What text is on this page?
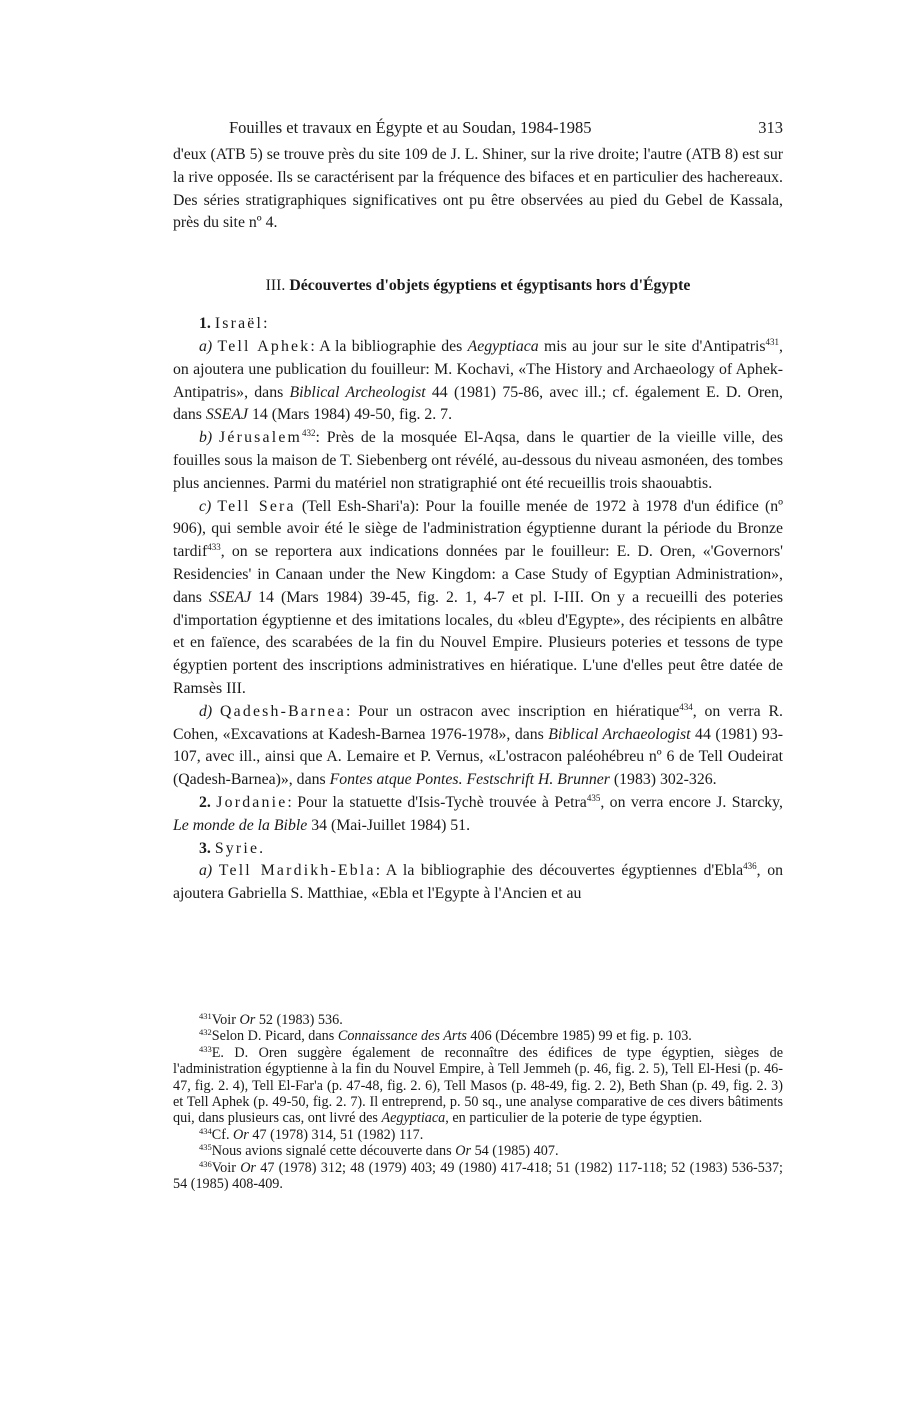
Fouilles et travaux en Égypte et au Soudan, 1984-1985	313

d'eux (ATB 5) se trouve près du site 109 de J. L. Shiner, sur la rive droite; l'autre (ATB 8) est sur la rive opposée. Ils se caractérisent par la fréquence des bifaces et en particulier des hachereaux. Des séries stratigraphiques significatives ont pu être observées au pied du Gebel de Kassala, près du site nº 4.

III. Découvertes d'objets égyptiens et égyptisants hors d'Égypte

1. Israël:

a) Tell Aphek: A la bibliographie des Aegyptiaca mis au jour sur le site d'Antipatris$^{431}$, on ajoutera une publication du fouilleur: M. Kochavi, «The History and Archaeology of Aphek-Antipatris», dans Biblical Archeologist 44 (1981) 75-86, avec ill.; cf. également E. D. Oren, dans SSEAJ 14 (Mars 1984) 49-50, fig. 2. 7.

b) Jérusalem$^{432}$: Près de la mosquée El-Aqsa, dans le quartier de la vieille ville, des fouilles sous la maison de T. Siebenberg ont révélé, au-dessous du niveau asmonéen, des tombes plus anciennes. Parmi du matériel non stratigraphié ont été recueillis trois shaouabtis.

c) Tell Sera (Tell Esh-Shari'a): Pour la fouille menée de 1972 à 1978 d'un édifice (nº 906), qui semble avoir été le siège de l'administration égyptienne durant la période du Bronze tardif$^{433}$, on se reportera aux indications données par le fouilleur: E. D. Oren, «'Governors' Residencies' in Canaan under the New Kingdom: a Case Study of Egyptian Administration», dans SSEAJ 14 (Mars 1984) 39-45, fig. 2. 1, 4-7 et pl. I-III. On y a recueilli des poteries d'importation égyptienne et des imitations locales, du «bleu d'Egypte», des récipients en albâtre et en faïence, des scarabées de la fin du Nouvel Empire. Plusieurs poteries et tessons de type égyptien portent des inscriptions administratives en hiératique. L'une d'elles peut être datée de Ramsès III.

d) Qadesh-Barnea: Pour un ostracon avec inscription en hiératique$^{434}$, on verra R. Cohen, «Excavations at Kadesh-Barnea 1976-1978», dans Biblical Archaeologist 44 (1981) 93-107, avec ill., ainsi que A. Lemaire et P. Vernus, «L'ostracon paléohébreu nº 6 de Tell Oudeirat (Qadesh-Barnea)», dans Fontes atque Pontes. Festschrift H. Brunner (1983) 302-326.

2. Jordanie: Pour la statuette d'Isis-Tychè trouvée à Petra$^{435}$, on verra encore J. Starcky, Le monde de la Bible 34 (Mai-Juillet 1984) 51.

3. Syrie.

a) Tell Mardikh-Ebla: A la bibliographie des découvertes égyptiennes d'Ebla$^{436}$, on ajoutera Gabriella S. Matthiae, «Ebla et l'Egypte à l'Ancien et au

$^{431}$Voir Or 52 (1983) 536.

$^{432}$Selon D. Picard, dans Connaissance des Arts 406 (Décembre 1985) 99 et fig. p. 103.

$^{433}$E. D. Oren suggère également de reconnaître des édifices de type égyptien, sièges de l'administration égyptienne à la fin du Nouvel Empire, à Tell Jemmeh (p. 46, fig. 2. 5), Tell El-Hesi (p. 46-47, fig. 2. 4), Tell El-Far'a (p. 47-48, fig. 2. 6), Tell Masos (p. 48-49, fig. 2. 2), Beth Shan (p. 49, fig. 2. 3) et Tell Aphek (p. 49-50, fig. 2. 7). Il entreprend, p. 50 sq., une analyse comparative de ces divers bâtiments qui, dans plusieurs cas, ont livré des Aegyptiaca, en particulier de la poterie de type égyptien.

$^{434}$Cf. Or 47 (1978) 314, 51 (1982) 117.

$^{435}$Nous avions signalé cette découverte dans Or 54 (1985) 407.

$^{436}$Voir Or 47 (1978) 312; 48 (1979) 403; 49 (1980) 417-418; 51 (1982) 117-118; 52 (1983) 536-537; 54 (1985) 408-409.
